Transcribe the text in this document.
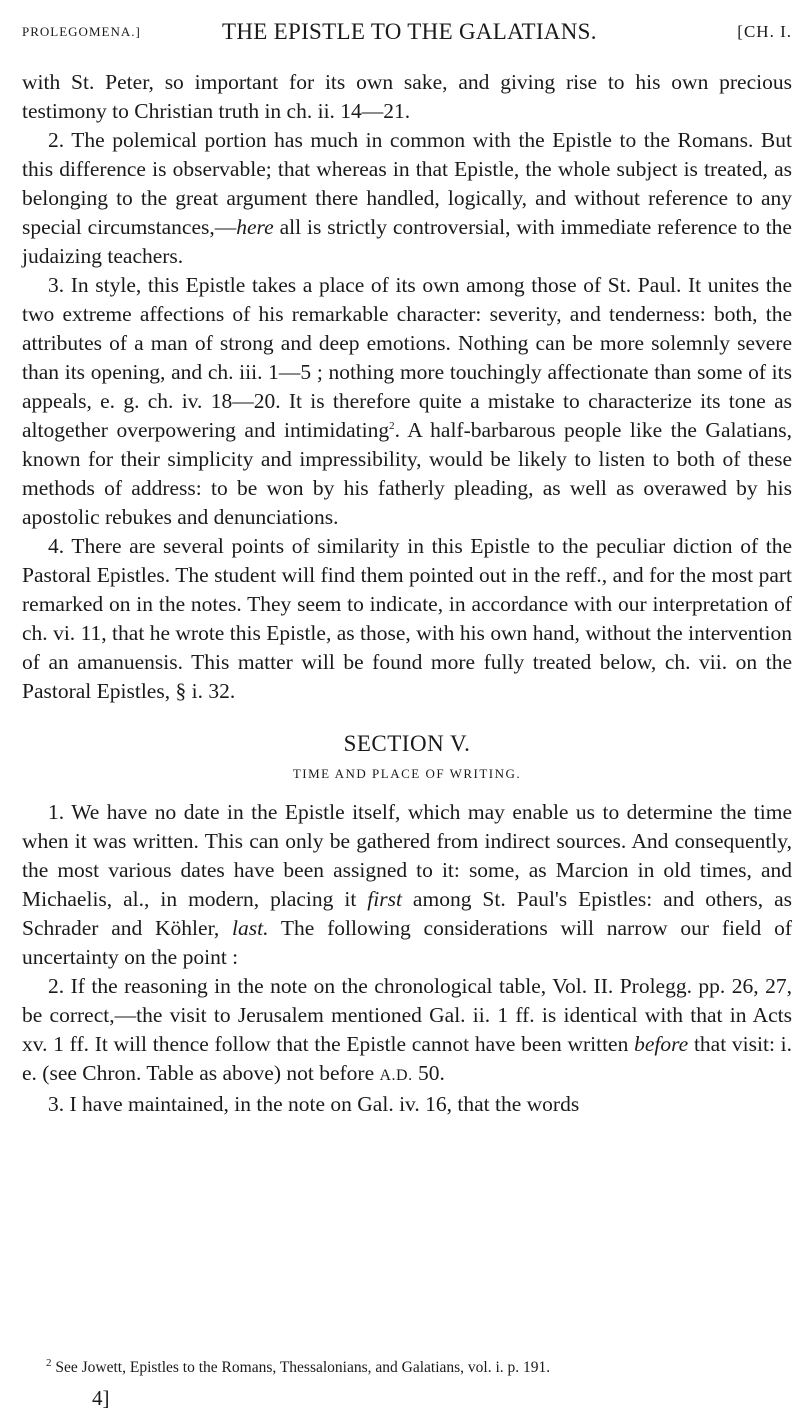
PROLEGOMENA.]	THE EPISTLE TO THE GALATIANS.	[CH. I.

with St. Peter, so important for its own sake, and giving rise to his own precious testimony to Christian truth in ch. ii. 14—21.

2. The polemical portion has much in common with the Epistle to the Romans. But this difference is observable; that whereas in that Epistle, the whole subject is treated, as belonging to the great argument there handled, logically, and without reference to any special circumstances,—here all is strictly controversial, with immediate reference to the judaizing teachers.

3. In style, this Epistle takes a place of its own among those of St. Paul. It unites the two extreme affections of his remarkable character: severity, and tenderness: both, the attributes of a man of strong and deep emotions. Nothing can be more solemnly severe than its opening, and ch. iii. 1—5 ; nothing more touchingly affectionate than some of its appeals, e. g. ch. iv. 18—20. It is therefore quite a mistake to characterize its tone as altogether overpowering and intimidating$^2$. A half-barbarous people like the Galatians, known for their simplicity and impressibility, would be likely to listen to both of these methods of address: to be won by his fatherly pleading, as well as overawed by his apostolic rebukes and denunciations.

4. There are several points of similarity in this Epistle to the peculiar diction of the Pastoral Epistles. The student will find them pointed out in the reff., and for the most part remarked on in the notes. They seem to indicate, in accordance with our interpretation of ch. vi. 11, that he wrote this Epistle, as those, with his own hand, without the intervention of an amanuensis. This matter will be found more fully treated below, ch. vii. on the Pastoral Epistles, § i. 32.

SECTION V.
TIME AND PLACE OF WRITING.

1. We have no date in the Epistle itself, which may enable us to determine the time when it was written. This can only be gathered from indirect sources. And consequently, the most various dates have been assigned to it: some, as Marcion in old times, and Michaelis, al., in modern, placing it first among St. Paul's Epistles: and others, as Schrader and Köhler, last. The following considerations will narrow our field of uncertainty on the point :

2. If the reasoning in the note on the chronological table, Vol. II. Prolegg. pp. 26, 27, be correct,—the visit to Jerusalem mentioned Gal. ii. 1 ff. is identical with that in Acts xv. 1 ff. It will thence follow that the Epistle cannot have been written before that visit: i. e. (see Chron. Table as above) not before A.D. 50.

3. I have maintained, in the note on Gal. iv. 16, that the words

$^2$ See Jowett, Epistles to the Romans, Thessalonians, and Galatians, vol. i. p. 191.
4]
